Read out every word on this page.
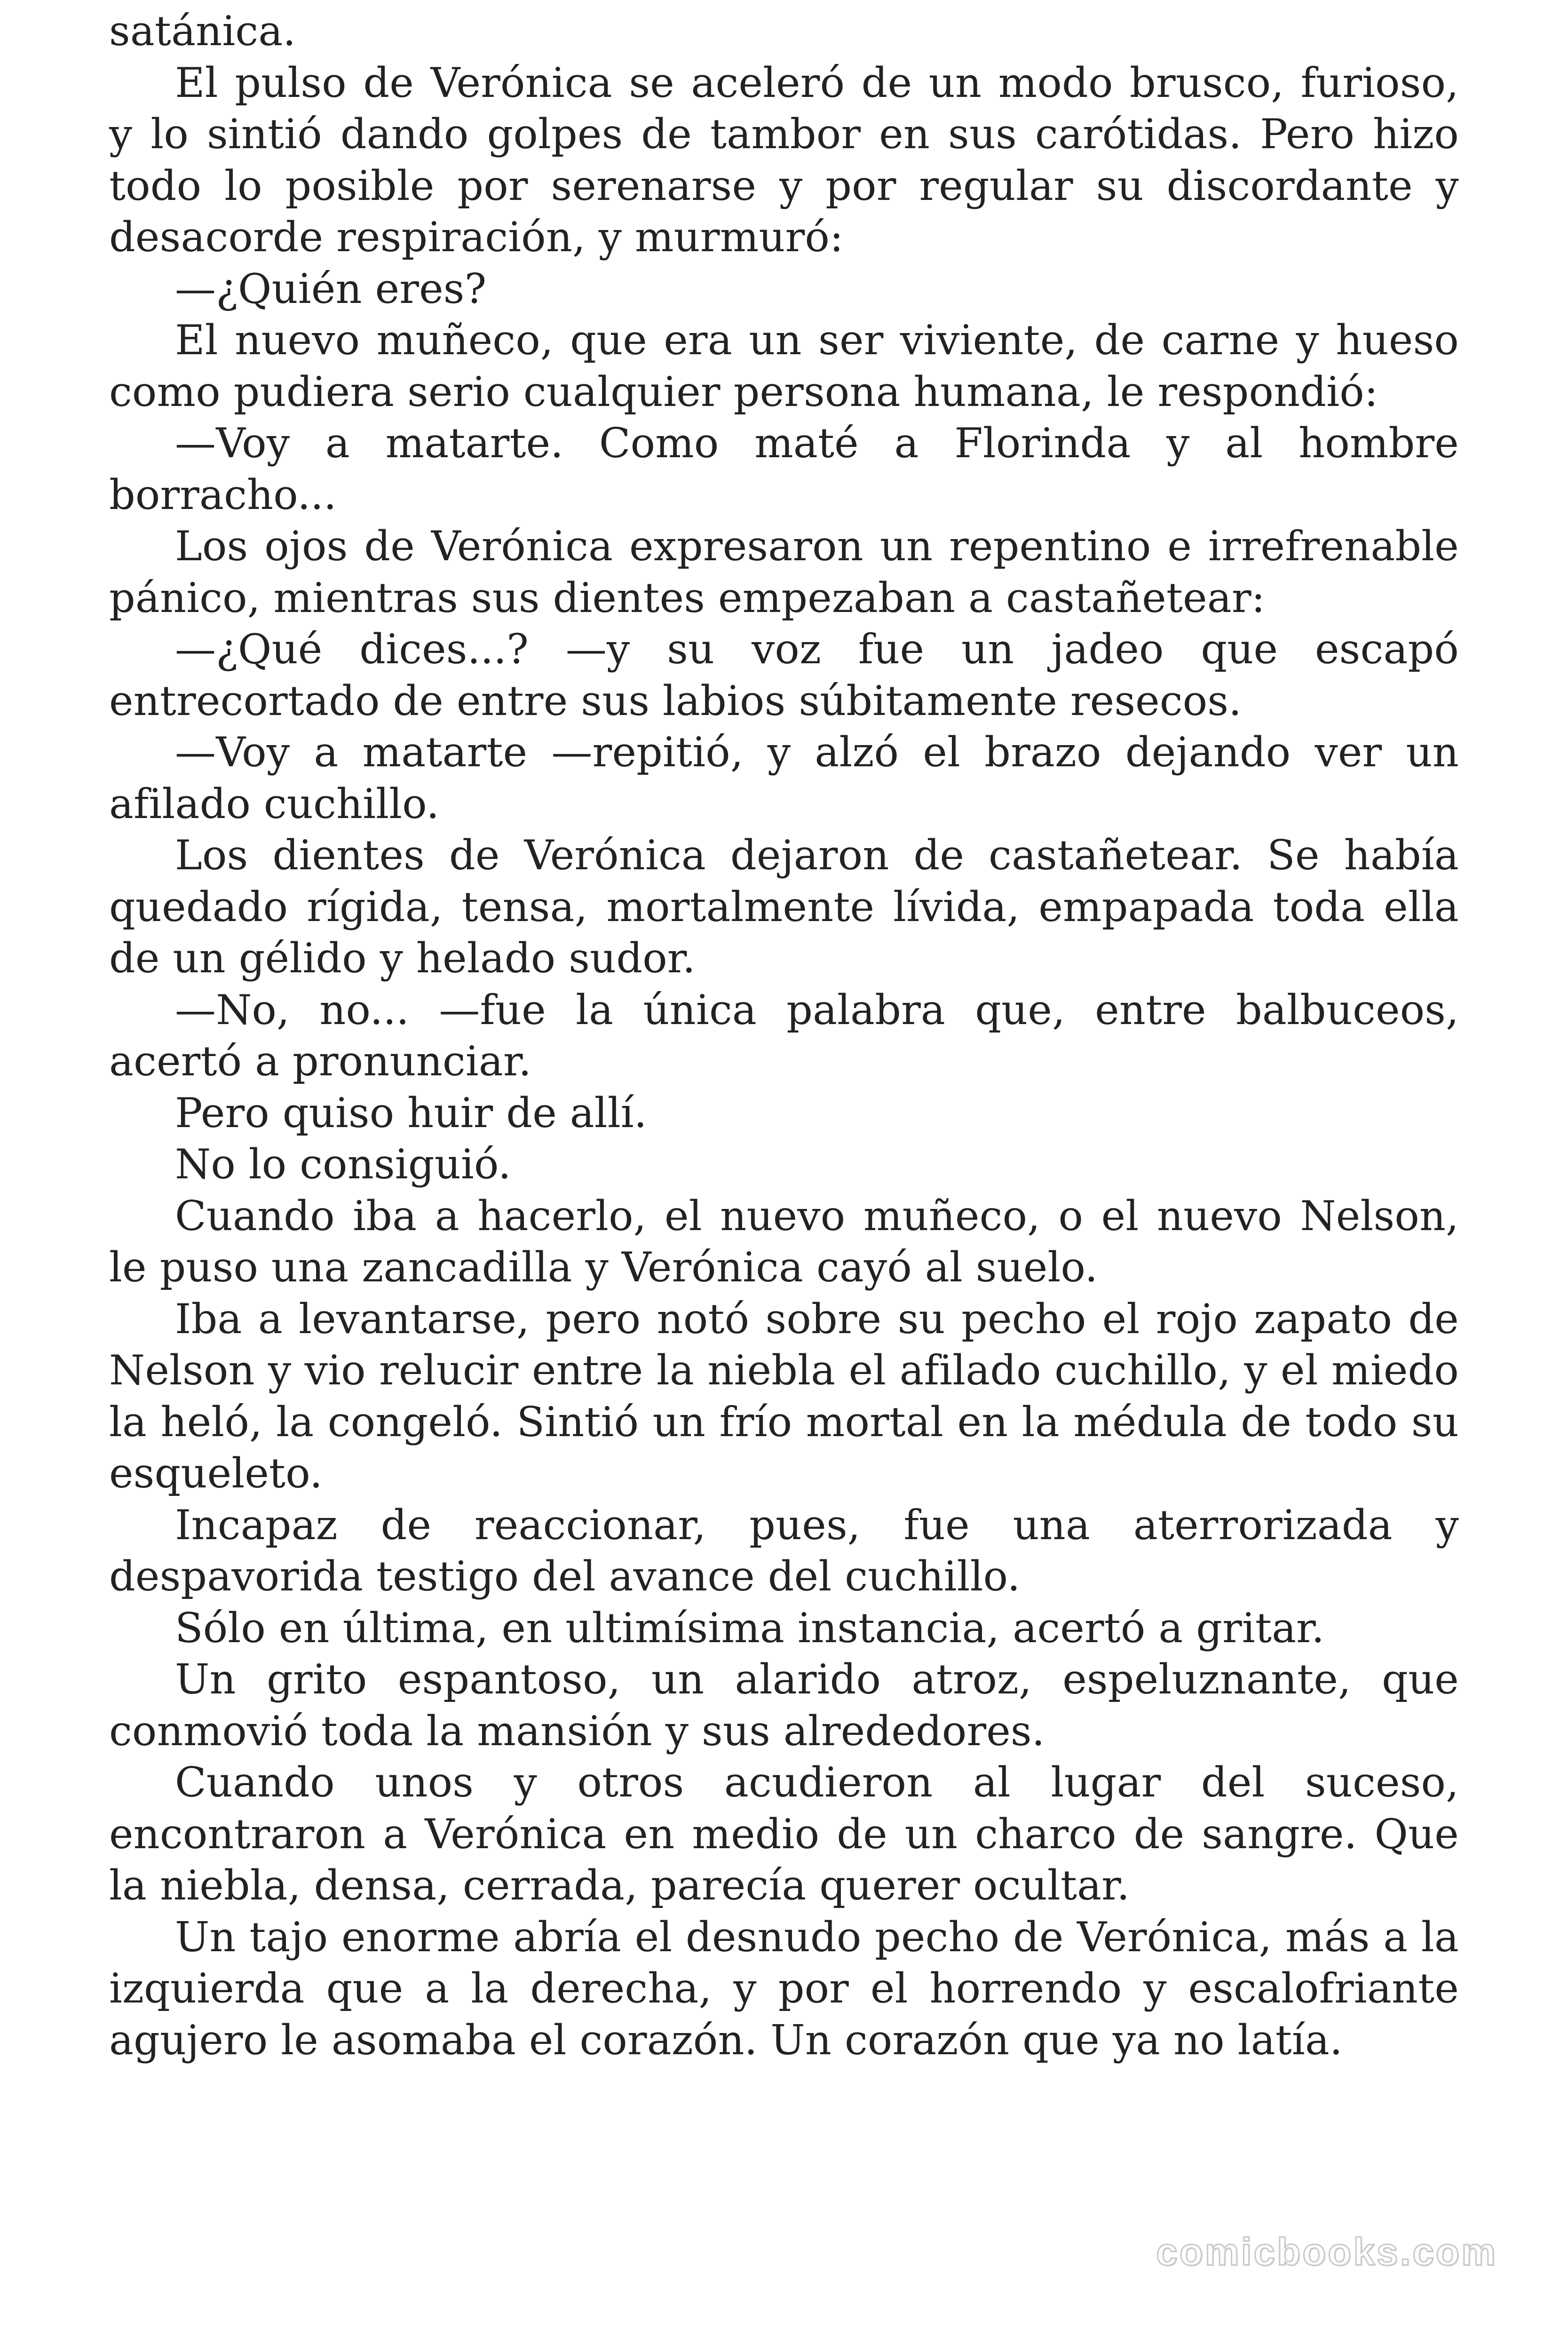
satánica.

El pulso de Verónica se aceleró de un modo brusco, furioso, y lo sintió dando golpes de tambor en sus carótidas. Pero hizo todo lo posible por serenarse y por regular su discordante y desacorde respiración, y murmuró:

—¿Quién eres?

El nuevo muñeco, que era un ser viviente, de carne y hueso como pudiera serio cualquier persona humana, le respondió:

—Voy a matarte. Como maté a Florinda y al hombre borracho...

Los ojos de Verónica expresaron un repentino e irrefrenable pánico, mientras sus dientes empezaban a castañetear:

—¿Qué dices...? —y su voz fue un jadeo que escapó entrecortado de entre sus labios súbitamente resecos.

—Voy a matarte —repitió, y alzó el brazo dejando ver un afilado cuchillo.

Los dientes de Verónica dejaron de castañetear. Se había quedado rígida, tensa, mortalmente lívida, empapada toda ella de un gélido y helado sudor.

—No, no... —fue la única palabra que, entre balbuceos, acertó a pronunciar.

Pero quiso huir de allí.

No lo consiguió.

Cuando iba a hacerlo, el nuevo muñeco, o el nuevo Nelson, le puso una zancadilla y Verónica cayó al suelo.

Iba a levantarse, pero notó sobre su pecho el rojo zapato de Nelson y vio relucir entre la niebla el afilado cuchillo, y el miedo la heló, la congeló. Sintió un frío mortal en la médula de todo su esqueleto.

Incapaz de reaccionar, pues, fue una aterrorizada y despavorida testigo del avance del cuchillo.

Sólo en última, en ultimísima instancia, acertó a gritar.

Un grito espantoso, un alarido atroz, espeluznante, que conmovió toda la mansión y sus alrededores.

Cuando unos y otros acudieron al lugar del suceso, encontraron a Verónica en medio de un charco de sangre. Que la niebla, densa, cerrada, parecía querer ocultar.

Un tajo enorme abría el desnudo pecho de Verónica, más a la izquierda que a la derecha, y por el horrendo y escalofriante agujero le asomaba el corazón. Un corazón que ya no latía.

comicbooks.com
